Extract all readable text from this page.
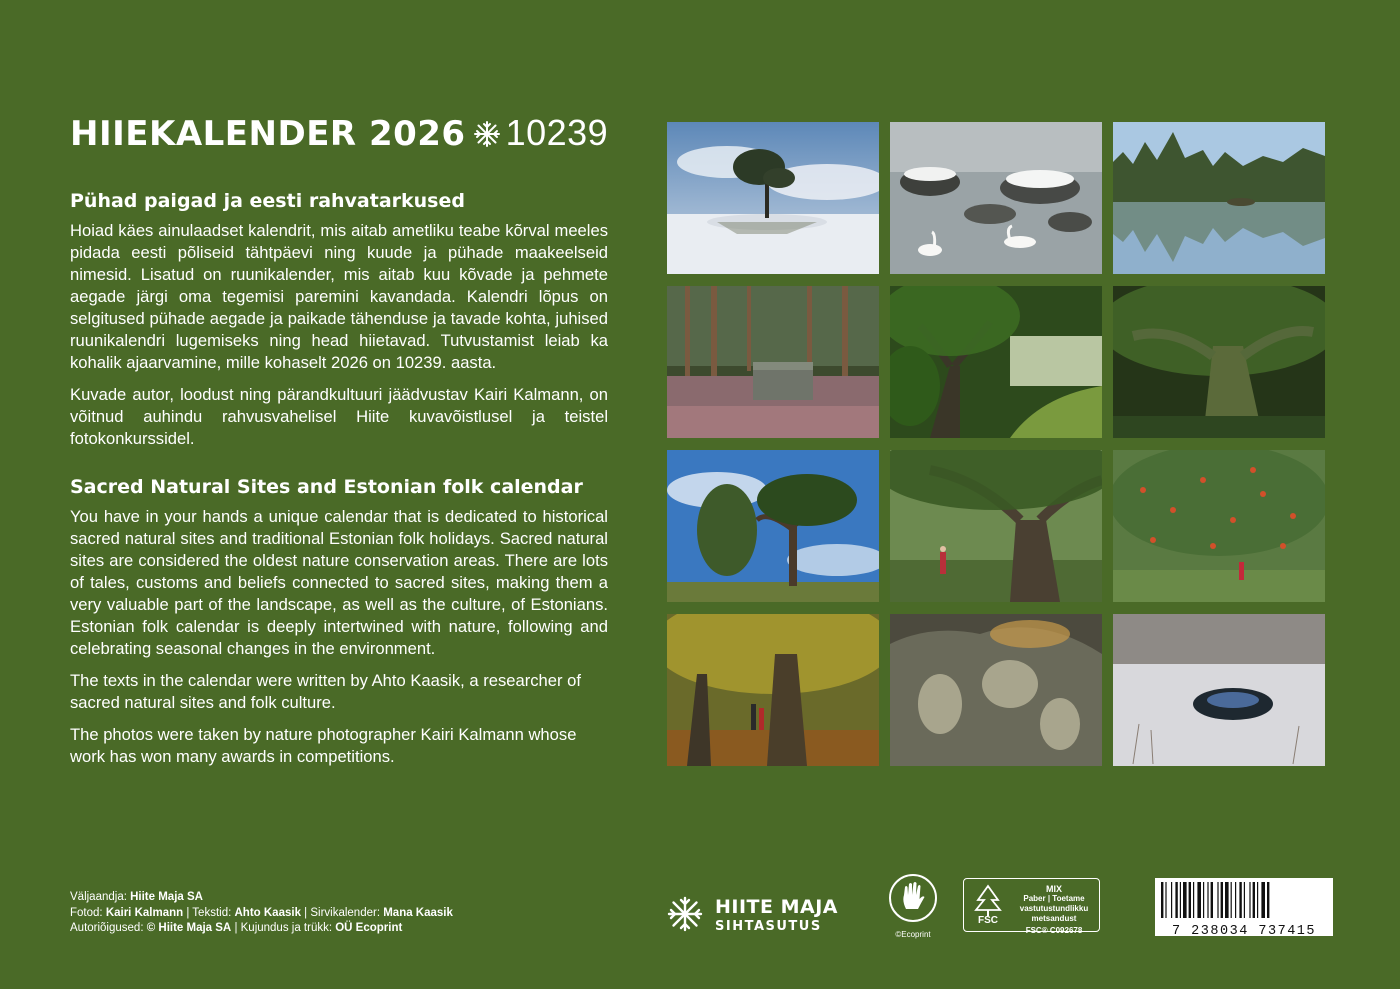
HIIEKALENDER 2026 10239
Pühad paigad ja eesti rahvatarkused

Hoiad käes ainulaadset kalendrit, mis aitab ametliku teabe kõrval meeles pidada eesti põliseid tähtpäevi ning kuude ja pühade maakeelseid nimesid. Lisatud on ruunikalender, mis aitab kuu kõvade ja pehmete aegade järgi oma tegemisi paremini kavandada. Kalendri lõpus on selgitused pühade aegade ja paikade tähenduse ja tavade kohta, juhised ruunikalendri lugemiseks ning head hiietavad. Tutvustamist leiab ka kohalik ajaarvamine, mille kohaselt 2026 on 10239. aasta.

Kuvade autor, loodust ning pärandkultuuri jäädvustav Kairi Kalmann, on võitnud auhindu rahvusvahelisel Hiite kuvavõistlusel ja teistel fotokonkurssidel.

Sacred Natural Sites and Estonian folk calendar

You have in your hands a unique calendar that is dedicated to historical sacred natural sites and traditional Estonian folk holidays. Sacred natural sites are considered the oldest nature conservation areas. There are lots of tales, customs and beliefs connected to sacred sites, making them a very valuable part of the landscape, as well as the culture, of Estonians. Estonian folk calendar is deeply intertwined with nature, following and celebrating seasonal changes in the environment.

The texts in the calendar were written by Ahto Kaasik, a researcher of sacred natural sites and folk culture.

The photos were taken by nature photographer Kairi Kalmann whose work has won many awards in competitions.

Väljaandja: Hiite Maja SA
Fotod: Kairi Kalmann | Tekstid: Ahto Kaasik | Sirvikalender: Mana Kaasik
Autoriõigused: © Hiite Maja SA | Kujundus ja trükk: OÜ Ecoprint
HIITE MAJA
SIHTASUTUS
©Ecoprint
FSC
MIX
Paber | Toetame vastutustundlikku metsandust
FSC® C092678	7 238034 737415
